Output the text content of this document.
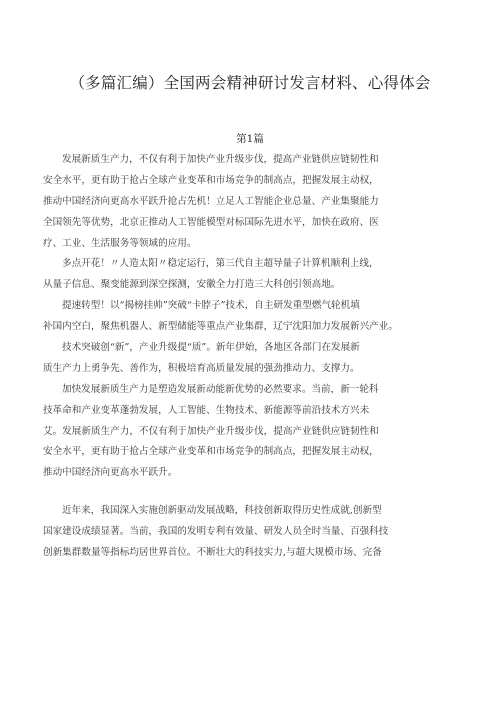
（多篇汇编）全国两会精神研讨发言材料、心得体会
第1篇
发展新质生产力，不仅有利于加快产业升级步伐，提高产业链供应链韧性和
安全水平，更有助于抢占全球产业变革和市场竞争的制高点，把握发展主动权，
推动中国经济向更高水平跃升抢占先机！立足人工智能企业总量、产业集聚能力
全国领先等优势，北京正推动人工智能模型对标国际先进水平，加快在政府、医
疗、工业、生活服务等领域的应用。
多点开花！〃人造太阳〃稳定运行，第三代自主超导量子计算机顺利上线，
从量子信息、聚变能源到深空探测，安徽全力打造三大科创引领高地。
提速转型！以“揭榜挂帅”突破“卡脖子”技术，自主研发重型燃气轮机填
补国内空白，聚焦机器人、新型储能等重点产业集群，辽宁沈阳加力发展新兴产业。
技术突破创“新”，产业升级提“质”。新年伊始，各地区各部门在发展新
质生产力上勇争先、善作为，积极培育高质量发展的强劲推动力、支撑力。
加快发展新质生产力是塑造发展新动能新优势的必然要求。当前，新一轮科
技革命和产业变革蓬勃发展，人工智能、生物技术、新能源等前沿技术方兴未
艾。发展新质生产力，不仅有利于加快产业升级步伐，提高产业链供应链韧性和
安全水平，更有助于抢占全球产业变革和市场竞争的制高点，把握发展主动权，
推动中国经济向更高水平跃升。
近年来，我国深入实施创新驱动发展战略，科技创新取得历史性成就,创新型
国家建设成绩显著。当前，我国的发明专利有效量、研发人员全时当量、百强科技
创新集群数量等指标均居世界首位。不断壮大的科技实力,与超大规模市场、完备
